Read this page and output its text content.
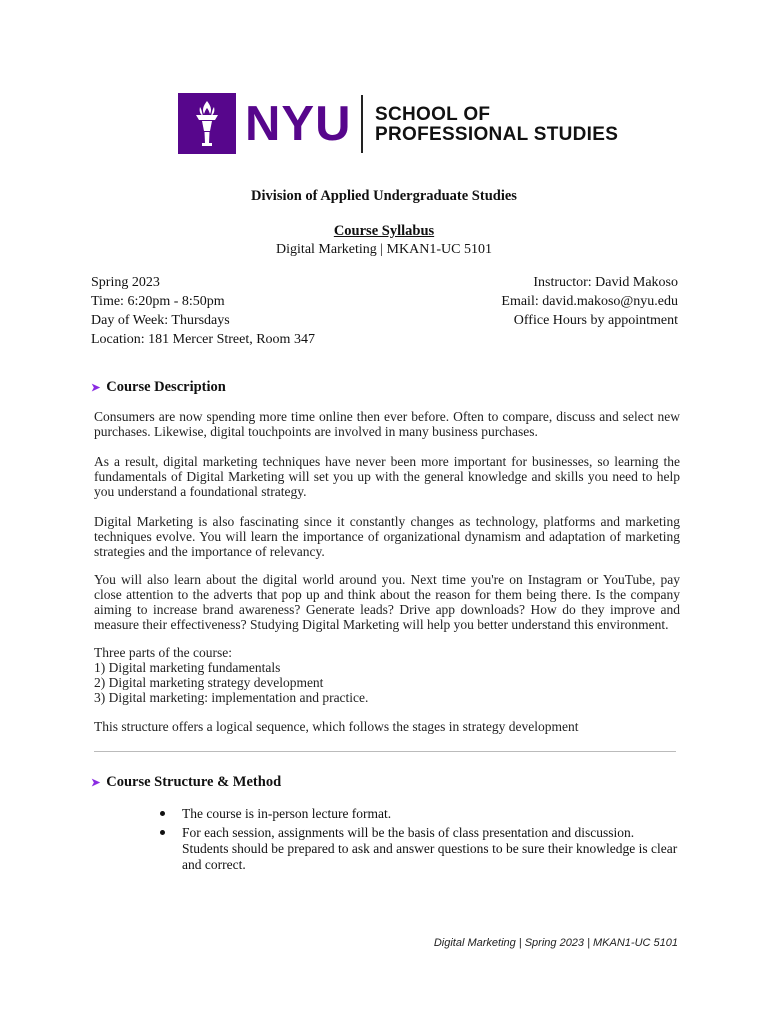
NYU SCHOOL OF
PROFESSIONAL STUDIES
Division of Applied Undergraduate Studies
Course Syllabus
Digital Marketing | MKAN1-UC 5101
Spring 2023
Time: 6:20pm - 8:50pm
Day of Week: Thursdays
Location: 181 Mercer Street, Room 347
Instructor: David Makoso
Email: david.makoso@nyu.edu
Office Hours by appointment
➤ Course Description
Consumers are now spending more time online then ever before. Often to compare, discuss and select new purchases. Likewise, digital touchpoints are involved in many business purchases.
As a result, digital marketing techniques have never been more important for businesses, so learning the fundamentals of Digital Marketing will set you up with the general knowledge and skills you need to help you understand a foundational strategy.
Digital Marketing is also fascinating since it constantly changes as technology, platforms and marketing techniques evolve. You will learn the importance of organizational dynamism and adaptation of marketing strategies and the importance of relevancy.
You will also learn about the digital world around you. Next time you're on Instagram or YouTube, pay close attention to the adverts that pop up and think about the reason for them being there. Is the company aiming to increase brand awareness? Generate leads? Drive app downloads? How do they improve and measure their effectiveness? Studying Digital Marketing will help you better understand this environment.
Three parts of the course:
1) Digital marketing fundamentals
2) Digital marketing strategy development
3) Digital marketing: implementation and practice.
This structure offers a logical sequence, which follows the stages in strategy development
➤ Course Structure & Method
The course is in-person lecture format.
For each session, assignments will be the basis of class presentation and discussion. Students should be prepared to ask and answer questions to be sure their knowledge is clear and correct.
Digital Marketing | Spring 2023 | MKAN1-UC 5101
